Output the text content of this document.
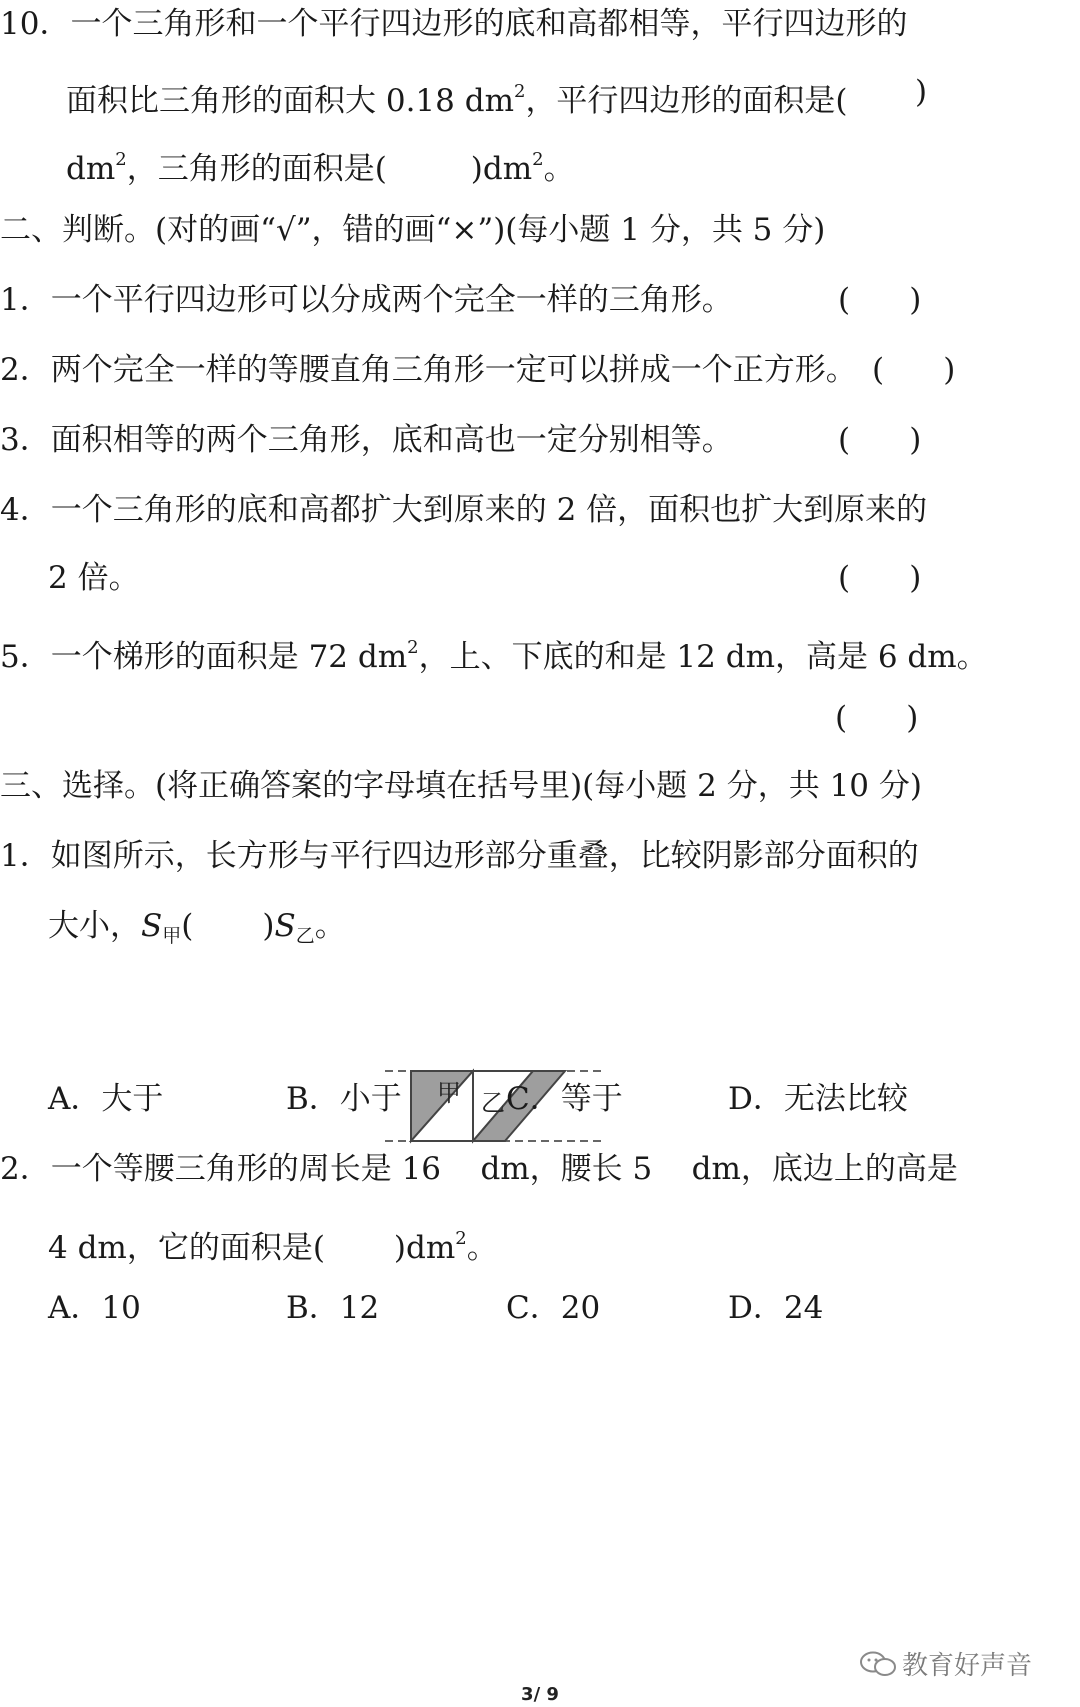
10．一个三角形和一个平行四边形的底和高都相等，平行四边形的
面积比三角形的面积大 0.18 $dm^2$，平行四边形的面积是( )
$dm^2$，三角形的面积是(	)$dm^2$。
二、判断。(对的画“√”，错的画“×”)(每小题 1 分，共 5 分)
1．一个平行四边形可以分成两个完全一样的三角形。	(      )
2．两个完全一样的等腰直角三角形一定可以拼成一个正方形。 (      )
3．面积相等的两个三角形，底和高也一定分别相等。	(      )
4．一个三角形的底和高都扩大到原来的 2 倍，面积也扩大到原来的
2 倍。	(      )
5．一个梯形的面积是 72 $dm^2$，上、下底的和是 12 dm，高是 6 dm。
(      )
三、选择。(将正确答案的字母填在括号里)(每小题 2 分，共 10 分)
1．如图所示，长方形与平行四边形部分重叠，比较阴影部分面积的
大小，$S_甲$(       )$S_乙$。
甲 乙
A．大于	B．小于	C．等于	D．无法比较
2．一个等腰三角形的周长是 16    dm，腰长 5    dm，底边上的高是
4 dm，它的面积是(       )$dm^2$。
A．10	B．12	C．20	D．24
教育好声音
3/ 9
